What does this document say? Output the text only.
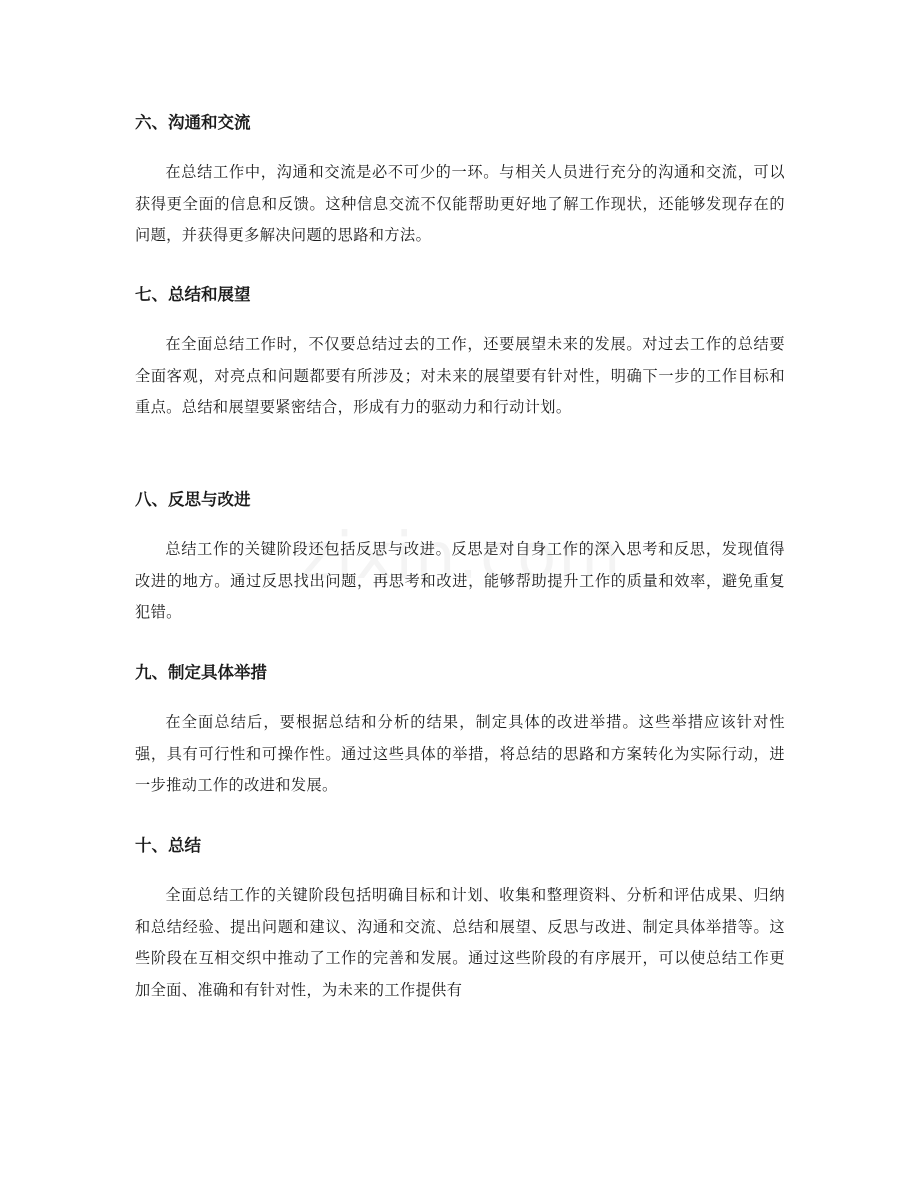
六、沟通和交流

在总结工作中，沟通和交流是必不可少的一环。与相关人员进行充分的沟通和交流，可以获得更全面的信息和反馈。这种信息交流不仅能帮助更好地了解工作现状，还能够发现存在的问题，并获得更多解决问题的思路和方法。

七、总结和展望

在全面总结工作时，不仅要总结过去的工作，还要展望未来的发展。对过去工作的总结要全面客观，对亮点和问题都要有所涉及；对未来的展望要有针对性，明确下一步的工作目标和重点。总结和展望要紧密结合，形成有力的驱动力和行动计划。

八、反思与改进

总结工作的关键阶段还包括反思与改进。反思是对自身工作的深入思考和反思，发现值得改进的地方。通过反思找出问题，再思考和改进，能够帮助提升工作的质量和效率，避免重复犯错。

九、制定具体举措

在全面总结后，要根据总结和分析的结果，制定具体的改进举措。这些举措应该针对性强，具有可行性和可操作性。通过这些具体的举措，将总结的思路和方案转化为实际行动，进一步推动工作的改进和发展。

十、总结

全面总结工作的关键阶段包括明确目标和计划、收集和整理资料、分析和评估成果、归纳和总结经验、提出问题和建议、沟通和交流、总结和展望、反思与改进、制定具体举措等。这些阶段在互相交织中推动了工作的完善和发展。通过这些阶段的有序展开，可以使总结工作更加全面、准确和有针对性，为未来的工作提供有
